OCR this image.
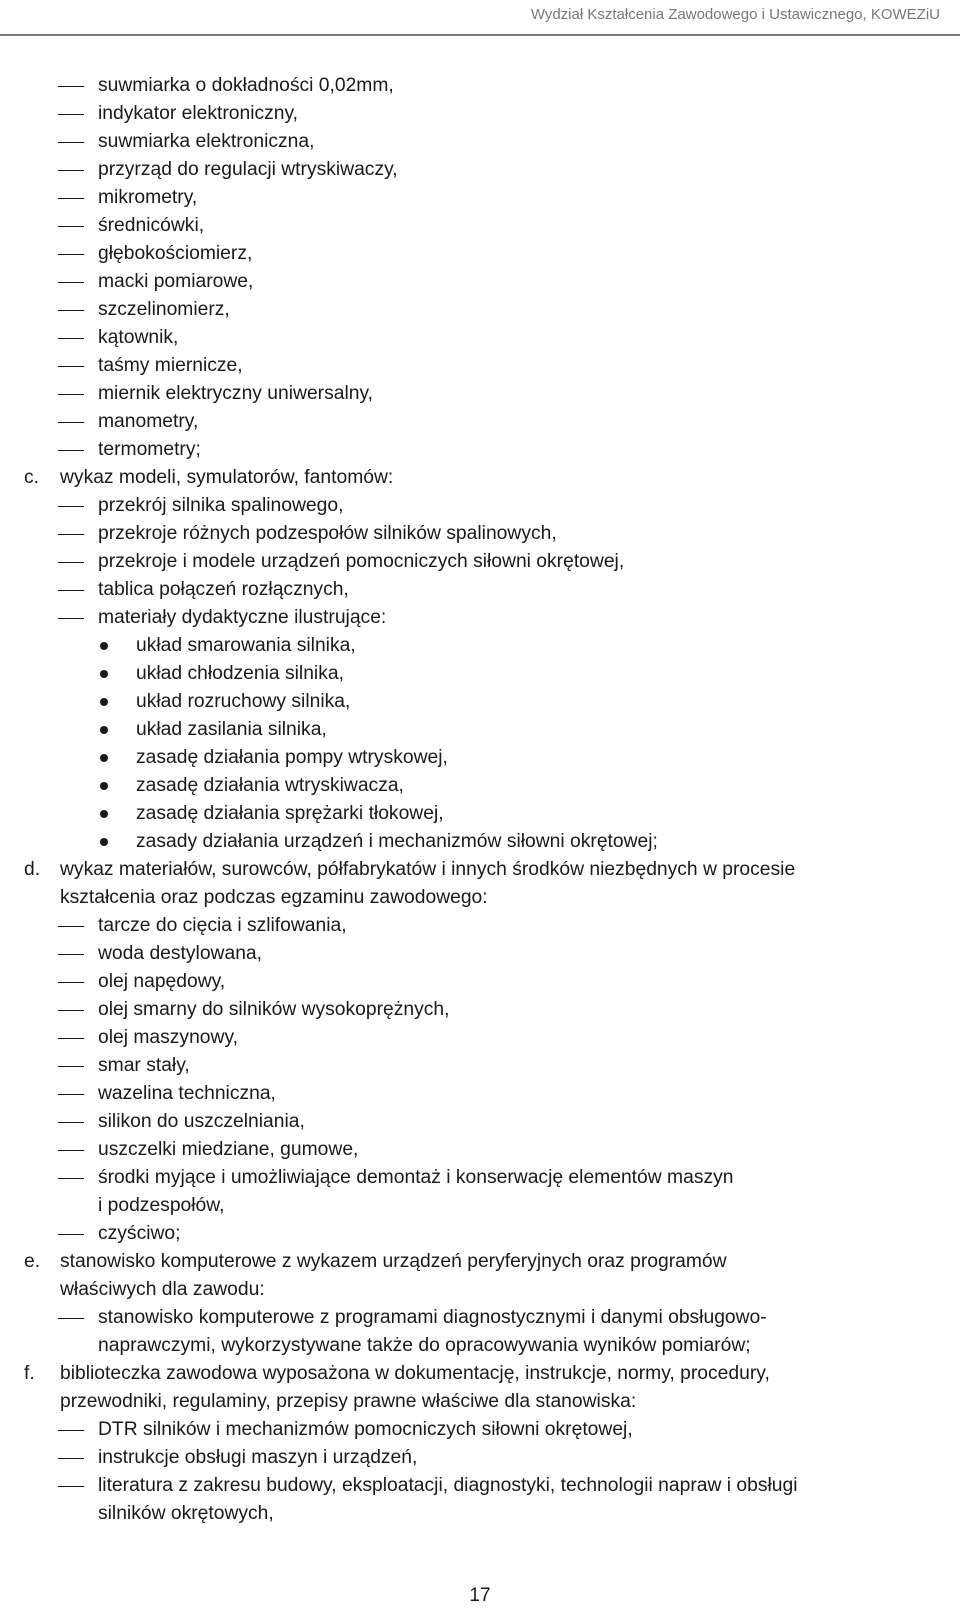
Wydział Kształcenia Zawodowego i Ustawicznego, KOWEZiU
suwmiarka o dokładności 0,02mm,
indykator elektroniczny,
suwmiarka elektroniczna,
przyrząd do regulacji wtryskiwaczy,
mikrometry,
średnicówki,
głębokościomierz,
macki pomiarowe,
szczelinomierz,
kątownik,
taśmy miernicze,
miernik elektryczny uniwersalny,
manometry,
termometry;
c. wykaz modeli, symulatorów, fantomów:
przekrój silnika spalinowego,
przekroje różnych podzespołów silników spalinowych,
przekroje i modele urządzeń pomocniczych siłowni okrętowej,
tablica połączeń rozłącznych,
materiały dydaktyczne ilustrujące:
układ smarowania silnika,
układ chłodzenia silnika,
układ rozruchowy silnika,
układ zasilania silnika,
zasadę działania pompy wtryskowej,
zasadę działania wtryskiwacza,
zasadę działania sprężarki tłokowej,
zasady działania urządzeń i mechanizmów siłowni okrętowej;
d. wykaz materiałów, surowców, półfabrykatów i innych środków niezbędnych w procesie
kształcenia oraz podczas egzaminu zawodowego:
tarcze do cięcia i szlifowania,
woda destylowana,
olej napędowy,
olej smarny do silników wysokoprężnych,
olej maszynowy,
smar stały,
wazelina techniczna,
silikon do uszczelniania,
uszczelki miedziane, gumowe,
środki myjące i umożliwiające demontaż i konserwację elementów maszyn
i podzespołów,
czyściwo;
e. stanowisko komputerowe z wykazem urządzeń peryferyjnych oraz programów
właściwych dla zawodu:
stanowisko komputerowe z programami diagnostycznymi i danymi obsługowo-
naprawczymi, wykorzystywane także do opracowywania wyników pomiarów;
f. biblioteczka zawodowa wyposażona w dokumentację, instrukcje, normy, procedury,
przewodniki, regulaminy, przepisy prawne właściwe dla stanowiska:
DTR silników i mechanizmów pomocniczych siłowni okrętowej,
instrukcje obsługi maszyn i urządzeń,
literatura z zakresu budowy, eksploatacji, diagnostyki, technologii napraw i obsługi
silników okrętowych,
17
